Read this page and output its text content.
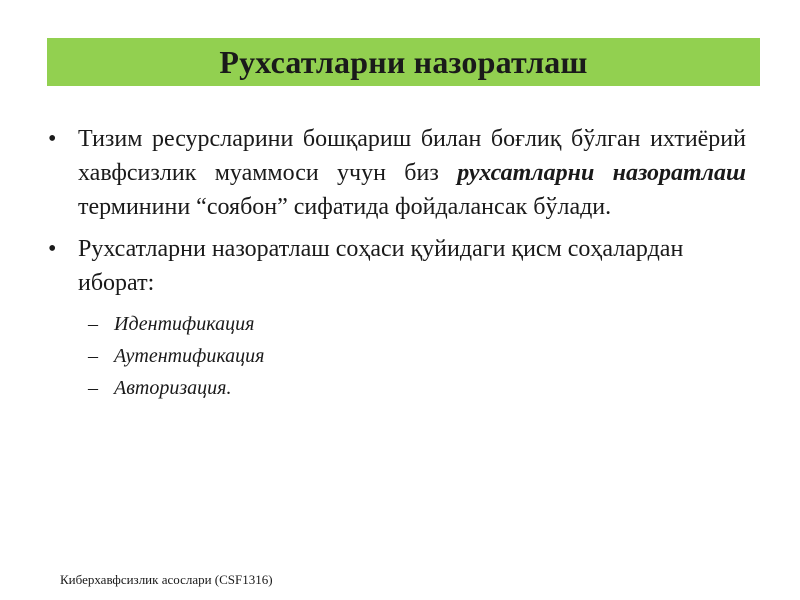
Рухсатларни назоратлаш
• Тизим ресурсларини бошқариш билан боғлиқ бўлган ихтиёрий хавфсизлик муаммоси учун биз рухсатларни назоратлаш терминини “соябон” сифатида фойдалансак бўлади.
• Рухсатларни назоратлаш соҳаси қуйидаги қисм соҳалардан иборат:
– Идентификация
– Аутентификация
– Авторизация.
Киберхавфсизлик асослари (CSF1316)
